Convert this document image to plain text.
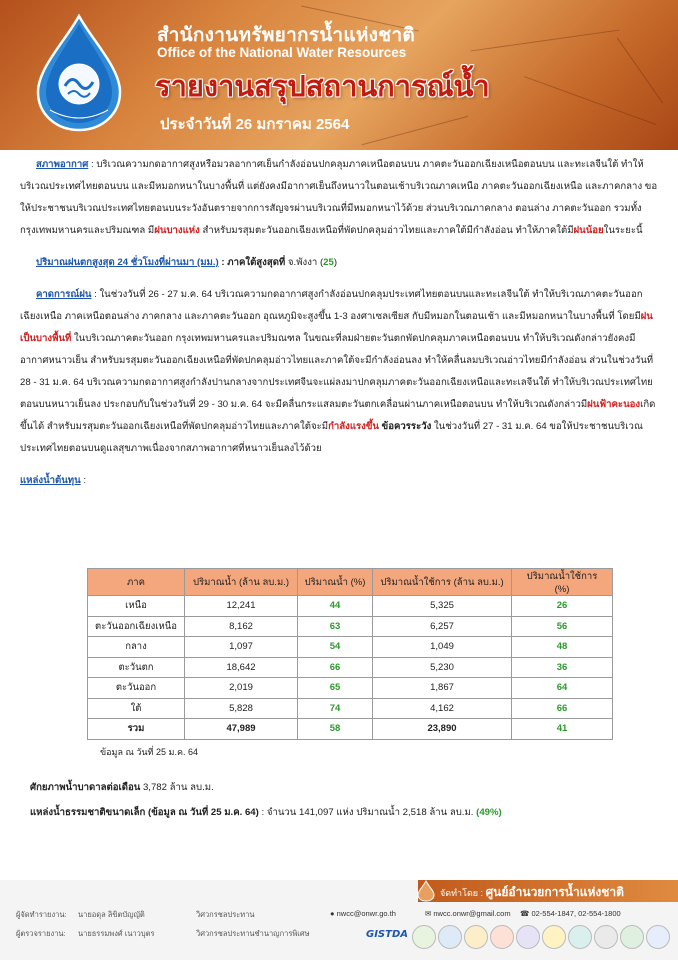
สำนักงานทรัพยากรน้ำแห่งชาติ
Office of the National Water Resources
รายงานสรุปสถานการณ์น้ำ
ประจำวันที่ 26 มกราคม 2564

สภาพอากาศ : บริเวณความกดอากาศสูงหรือมวลอากาศเย็นกำลังอ่อนปกคลุมภาคเหนือตอนบน ภาคตะวันออกเฉียงเหนือตอนบน และทะเลจีนใต้ ทำให้บริเวณประเทศไทยตอนบน และมีหมอกหนาในบางพื้นที่ แต่ยังคงมีอากาศเย็นถึงหนาวในตอนเช้าบริเวณภาคเหนือ ภาคตะวันออกเฉียงเหนือ และภาคกลาง ขอให้ประชาชนบริเวณประเทศไทยตอนบนระวังอันตรายจากการสัญจรผ่านบริเวณที่มีหมอกหนาไว้ด้วย ส่วนบริเวณภาคกลาง ตอนล่าง ภาคตะวันออก รวมทั้งกรุงเทพมหานครและปริมณฑล มีฝนบางแห่ง สำหรับมรสุมตะวันออกเฉียงเหนือที่พัดปกคลุมอ่าวไทยและภาคใต้มีกำลังอ่อน ทำให้ภาคใต้มีฝนน้อยในระยะนี้

ปริมาณฝนตกสูงสุด 24 ชั่วโมงที่ผ่านมา (มม.) : ภาคใต้สูงสุดที่ จ.พังงา (25)

คาดการณ์ฝน : ในช่วงวันที่ 26 - 27 ม.ค. 64 บริเวณความกดอากาศสูงกำลังอ่อนปกคลุมประเทศไทยตอนบนและทะเลจีนใต้ ทำให้บริเวณภาคตะวันออกเฉียงเหนือ ภาคเหนือตอนล่าง ภาคกลาง และภาคตะวันออก อุณหภูมิจะสูงขึ้น 1-3 องศาเซลเซียส กับมีหมอกในตอนเช้า และมีหมอกหนาในบางพื้นที่ โดยมีฝนเป็นบางพื้นที่ ในบริเวณภาคตะวันออก กรุงเทพมหานครและปริมณฑล ในขณะที่ลมฝ่ายตะวันตกพัดปกคลุมภาคเหนือตอนบน ทำให้บริเวณดังกล่าวยังคงมีอากาศหนาวเย็น สำหรับมรสุมตะวันออกเฉียงเหนือที่พัดปกคลุมอ่าวไทยและภาคใต้จะมีกำลังอ่อนลง ทำให้คลื่นลมบริเวณอ่าวไทยมีกำลังอ่อน ส่วนในช่วงวันที่ 28 - 31 ม.ค. 64 บริเวณความกดอากาศสูงกำลังปานกลางจากประเทศจีนจะแผ่ลงมาปกคลุมภาคตะวันออกเฉียงเหนือและทะเลจีนใต้ ทำให้บริเวณประเทศไทยตอนบนหนาวเย็นลง ประกอบกับในช่วงวันที่ 29 - 30 ม.ค. 64 จะมีคลื่นกระแสลมตะวันตกเคลื่อนผ่านภาคเหนือตอนบน ทำให้บริเวณดังกล่าวมีฝนฟ้าคะนองเกิดขึ้นได้ สำหรับมรสุมตะวันออกเฉียงเหนือที่พัดปกคลุมอ่าวไทยและภาคใต้จะมีกำลังแรงขึ้น ข้อควรระวัง ในช่วงวันที่ 27 - 31 ม.ค. 64 ขอให้ประชาชนบริเวณประเทศไทยตอนบนดูแลสุขภาพเนื่องจากสภาพอากาศที่หนาวเย็นลงไว้ด้วย

แหล่งน้ำต้นทุน :

ภาค	ปริมาณน้ำ (ล้าน ลบ.ม.)	ปริมาณน้ำ (%)	ปริมาณน้ำใช้การ (ล้าน ลบ.ม.)	ปริมาณน้ำใช้การ (%)
เหนือ	12,241	44	5,325	26
ตะวันออกเฉียงเหนือ	8,162	63	6,257	56
กลาง	1,097	54	1,049	48
ตะวันตก	18,642	66	5,230	36
ตะวันออก	2,019	65	1,867	64
ใต้	5,828	74	4,162	66
รวม	47,989	58	23,890	41
ข้อมูล ณ วันที่ 25 ม.ค. 64
ศักยภาพน้ำบาดาลต่อเดือน 3,782 ล้าน ลบ.ม.
แหล่งน้ำธรรมชาติขนาดเล็ก (ข้อมูล ณ วันที่ 25 ม.ค. 64) : จำนวน 141,097 แห่ง ปริมาณน้ำ 2,518 ล้าน ลบ.ม. (49%)
จัดทำโดย : ศูนย์อำนวยการน้ำแห่งชาติ
● nwcc@onwr.go.th	✉ nwcc.onwr@gmail.com ☎ 02-554-1847, 02-554-1800
ผู้จัดทำรายงาน: นายอดุล ลิขิตบัญญัติ	วิศวกรชลประทาน
ผู้ตรวจรายงาน: นายธรรมพงศ์ เนาวบุตร	วิศวกรชลประทานชำนาญการพิเศษ	GISTDA
